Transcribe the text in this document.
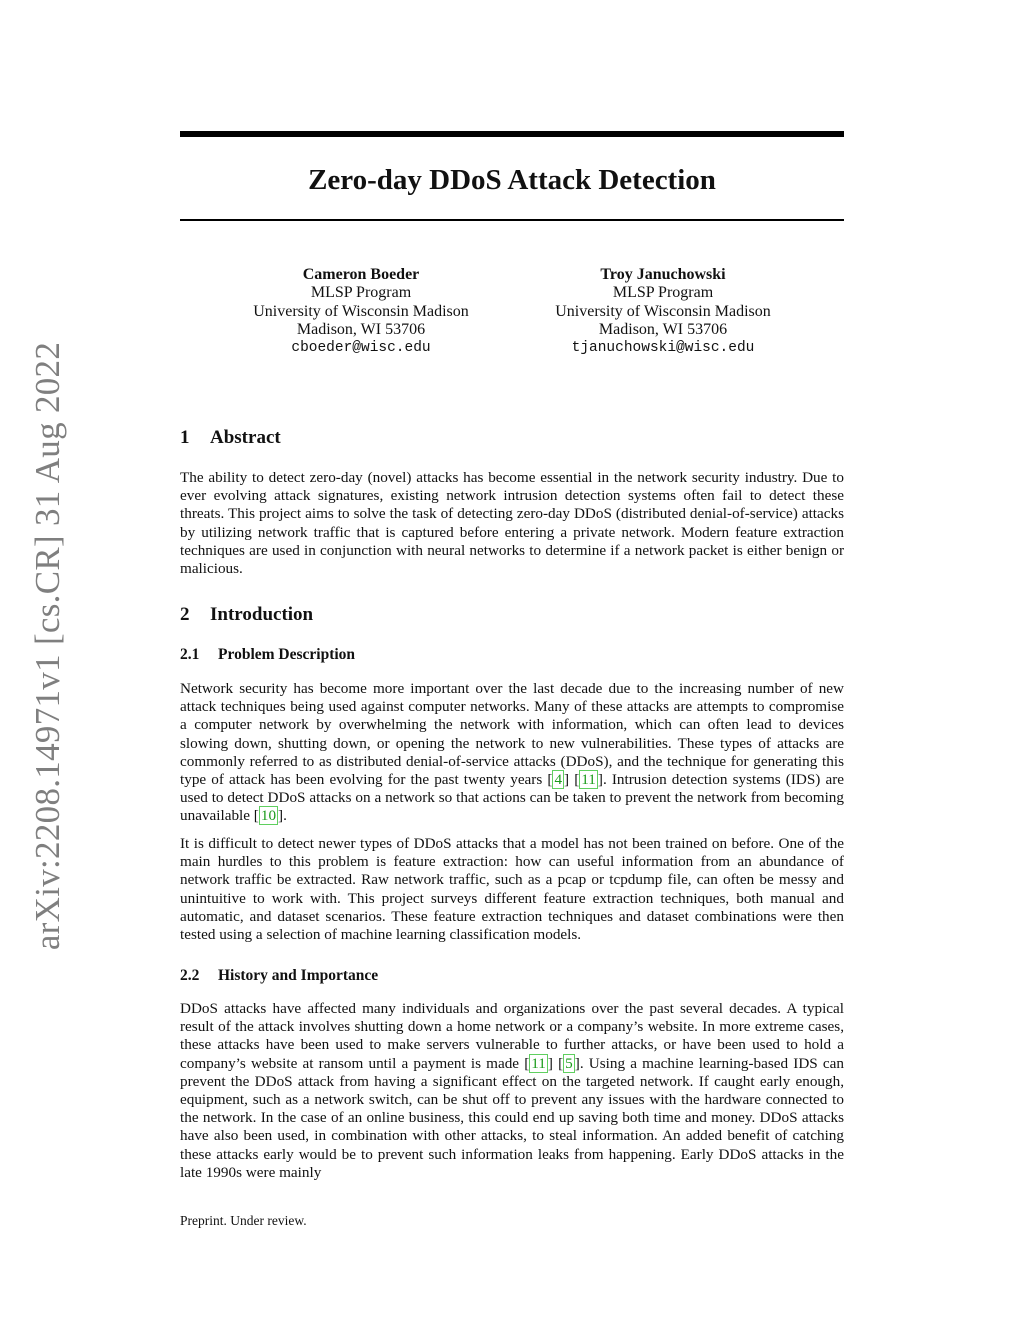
arXiv:2208.14971v1 [cs.CR] 31 Aug 2022
Zero-day DDoS Attack Detection
Cameron Boeder
MLSP Program
University of Wisconsin Madison
Madison, WI 53706
cboeder@wisc.edu
Troy Januchowski
MLSP Program
University of Wisconsin Madison
Madison, WI 53706
tjanuchowski@wisc.edu
1 Abstract
The ability to detect zero-day (novel) attacks has become essential in the network security industry. Due to ever evolving attack signatures, existing network intrusion detection systems often fail to detect these threats. This project aims to solve the task of detecting zero-day DDoS (distributed denial-of-service) attacks by utilizing network traffic that is captured before entering a private network. Modern feature extraction techniques are used in conjunction with neural networks to determine if a network packet is either benign or malicious.
2 Introduction
2.1 Problem Description
Network security has become more important over the last decade due to the increasing number of new attack techniques being used against computer networks. Many of these attacks are attempts to compromise a computer network by overwhelming the network with information, which can often lead to devices slowing down, shutting down, or opening the network to new vulnerabilities. These types of attacks are commonly referred to as distributed denial-of-service attacks (DDoS), and the technique for generating this type of attack has been evolving for the past twenty years [ 4 ] [ 11 ]. Intrusion detection systems (IDS) are used to detect DDoS attacks on a network so that actions can be taken to prevent the network from becoming unavailable [ 10 ].
It is difficult to detect newer types of DDoS attacks that a model has not been trained on before. One of the main hurdles to this problem is feature extraction: how can useful information from an abundance of network traffic be extracted. Raw network traffic, such as a pcap or tcpdump file, can often be messy and unintuitive to work with. This project surveys different feature extraction techniques, both manual and automatic, and dataset scenarios. These feature extraction techniques and dataset combinations were then tested using a selection of machine learning classification models.
2.2 History and Importance
DDoS attacks have affected many individuals and organizations over the past several decades. A typical result of the attack involves shutting down a home network or a company’s website. In more extreme cases, these attacks have been used to make servers vulnerable to further attacks, or have been used to hold a company’s website at ransom until a payment is made [ 11 ] [ 5 ]. Using a machine learning-based IDS can prevent the DDoS attack from having a significant effect on the targeted network. If caught early enough, equipment, such as a network switch, can be shut off to prevent any issues with the hardware connected to the network. In the case of an online business, this could end up saving both time and money. DDoS attacks have also been used, in combination with other attacks, to steal information. An added benefit of catching these attacks early would be to prevent such information leaks from happening. Early DDoS attacks in the late 1990s were mainly
Preprint. Under review.
